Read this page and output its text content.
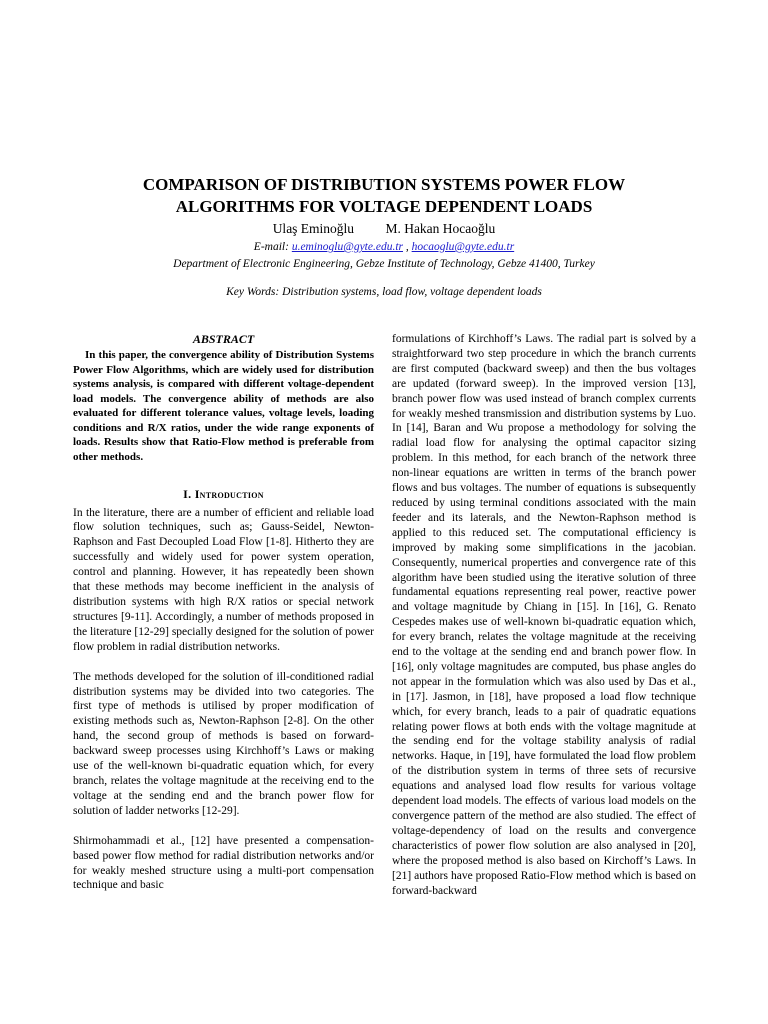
COMPARISON OF DISTRIBUTION SYSTEMS POWER FLOW
ALGORITHMS FOR VOLTAGE DEPENDENT LOADS
Ulaş Eminoğlu M. Hakan Hocaoğlu
E-mail: u.eminoglu@gyte.edu.tr , hocaoglu@gyte.edu.tr
Department of Electronic Engineering, Gebze Institute of Technology, Gebze 41400, Turkey
Key Words: Distribution systems, load flow, voltage dependent loads
ABSTRACT

In this paper, the convergence ability of Distribution Systems Power Flow Algorithms, which are widely used for distribution systems analysis, is compared with different voltage-dependent load models. The convergence ability of methods are also evaluated for different tolerance values, voltage levels, loading conditions and R/X ratios, under the wide range exponents of loads. Results show that Ratio-Flow method is preferable from other methods.

I. Introduction

In the literature, there are a number of efficient and reliable load flow solution techniques, such as; Gauss-Seidel, Newton-Raphson and Fast Decoupled Load Flow [1-8]. Hitherto they are successfully and widely used for power system operation, control and planning. However, it has repeatedly been shown that these methods may become inefficient in the analysis of distribution systems with high R/X ratios or special network structures [9-11]. Accordingly, a number of methods proposed in the literature [12-29] specially designed for the solution of power flow problem in radial distribution networks.

The methods developed for the solution of ill-conditioned radial distribution systems may be divided into two categories. The first type of methods is utilised by proper modification of existing methods such as, Newton-Raphson [2-8]. On the other hand, the second group of methods is based on forward-backward sweep processes using Kirchhoff’s Laws or making use of the well-known bi-quadratic equation which, for every branch, relates the voltage magnitude at the receiving end to the voltage at the sending end and the branch power flow for solution of ladder networks [12-29].

Shirmohammadi et al., [12] have presented a compensation-based power flow method for radial distribution networks and/or for weakly meshed structure using a multi-port compensation technique and basic

formulations of Kirchhoff’s Laws. The radial part is solved by a straightforward two step procedure in which the branch currents are first computed (backward sweep) and then the bus voltages are updated (forward sweep). In the improved version [13], branch power flow was used instead of branch complex currents for weakly meshed transmission and distribution systems by Luo. In [14], Baran and Wu propose a methodology for solving the radial load flow for analysing the optimal capacitor sizing problem. In this method, for each branch of the network three non-linear equations are written in terms of the branch power flows and bus voltages. The number of equations is subsequently reduced by using terminal conditions associated with the main feeder and its laterals, and the Newton-Raphson method is applied to this reduced set. The computational efficiency is improved by making some simplifications in the jacobian. Consequently, numerical properties and convergence rate of this algorithm have been studied using the iterative solution of three fundamental equations representing real power, reactive power and voltage magnitude by Chiang in [15]. In [16], G. Renato Cespedes makes use of well-known bi-quadratic equation which, for every branch, relates the voltage magnitude at the receiving end to the voltage at the sending end and branch power flow. In [16], only voltage magnitudes are computed, bus phase angles do not appear in the formulation which was also used by Das et al., in [17]. Jasmon, in [18], have proposed a load flow technique which, for every branch, leads to a pair of quadratic equations relating power flows at both ends with the voltage magnitude at the sending end for the voltage stability analysis of radial networks. Haque, in [19], have formulated the load flow problem of the distribution system in terms of three sets of recursive equations and analysed load flow results for various voltage dependent load models. The effects of various load models on the convergence pattern of the method are also studied. The effect of voltage-dependency of load on the results and convergence characteristics of power flow solution are also analysed in [20], where the proposed method is also based on Kirchoff’s Laws. In [21] authors have proposed Ratio-Flow method which is based on forward-backward
